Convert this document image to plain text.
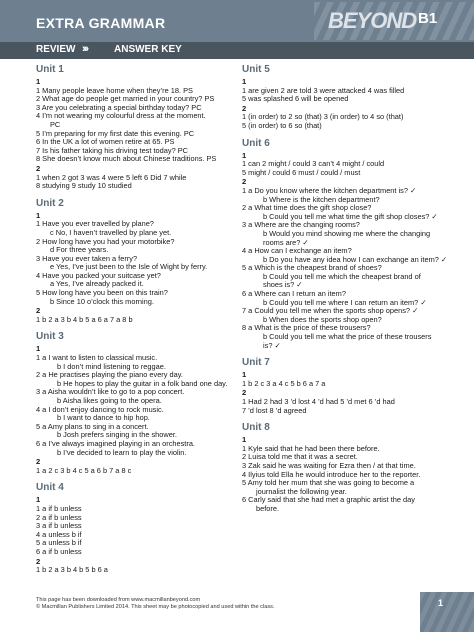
EXTRA GRAMMAR	BEYOND B1
REVIEW ›››	ANSWER KEY
Unit 1
1
1 Many people leave home when they’re 18. PS
2 What age do people get married in your country? PS
3 Are you celebrating a special birthday today? PC
4 I’m not wearing my colourful dress at the moment.
PC
5 I’m preparing for my first date this evening. PC
6 In the UK a lot of women retire at 65. PS
7 Is his father taking his driving test today? PC
8 She doesn’t know much about Chinese traditions. PS
2
1 when 2 got 3 was 4 were 5 left 6 Did 7 while
8 studying 9 study 10 studied
Unit 2
1
1 Have you ever travelled by plane?
c No, I haven’t travelled by plane yet.
2 How long have you had your motorbike?
d For three years.
3 Have you ever taken a ferry?
e Yes, I’ve just been to the Isle of Wight by ferry.
4 Have you packed your suitcase yet?
a Yes, I’ve already packed it.
5 How long have you been on this train?
b Since 10 o’clock this morning.
2
1 b 2 a 3 b 4 b 5 a 6 a 7 a 8 b
Unit 3
1
1 a I want to listen to classical music.
b I don’t mind listening to reggae.
2 a He practises playing the piano every day.
b He hopes to play the guitar in a folk band one day.
3 a Aisha wouldn’t like to go to a pop concert.
b Aisha likes going to the opera.
4 a I don’t enjoy dancing to rock music.
b I want to dance to hip hop.
5 a Amy plans to sing in a concert.
b Josh prefers singing in the shower.
6 a I’ve always imagined playing in an orchestra.
b I’ve decided to learn to play the violin.
2
1 a 2 c 3 b 4 c 5 a 6 b 7 a 8 c
Unit 4
1
1 a if b unless
2 a if b unless
3 a if b unless
4 a unless b if
5 a unless b if
6 a if b unless
2
1 b 2 a 3 b 4 b 5 b 6 a
Unit 5
1
1 are given 2 are told 3 were attacked 4 was filled
5 was splashed 6 will be opened
2
1 (in order) to 2 so (that) 3 (in order) to 4 so (that)
5 (in order) to 6 so (that)
Unit 6
1
1 can 2 might / could 3 can’t 4 might / could
5 might / could 6 must / could / must
2
1 a Do you know where the kitchen department is? ✓
b Where is the kitchen department?
2 a What time does the gift shop close?
b Could you tell me what time the gift shop closes? ✓
3 a Where are the changing rooms?
b Would you mind showing me where the changing
rooms are? ✓
4 a How can I exchange an item?
b Do you have any idea how I can exchange an item? ✓
5 a Which is the cheapest brand of shoes?
b Could you tell me which the cheapest brand of
shoes is? ✓
6 a Where can I return an item?
b Could you tell me where I can return an item? ✓
7 a Could you tell me when the sports shop opens? ✓
b When does the sports shop open?
8 a What is the price of these trousers?
b Could you tell me what the price of these trousers
is? ✓
Unit 7
1
1 b 2 c 3 a 4 c 5 b 6 a 7 a
2
1 Had 2 had 3 ’d lost 4 ’d had 5 ’d met 6 ’d had
7 ’d lost 8 ’d agreed
Unit 8
1
1 Kyle said that he had been there before.
2 Luisa told me that it was a secret.
3 Zak said he was waiting for Ezra then / at that time.
4 Ilyius told Ella he would introduce her to the reporter.
5 Amy told her mum that she was going to become a
journalist the following year.
6 Carly said that she had met a graphic artist the day
before.
This page has been downloaded from www.macmillanbeyond.com
© Macmillan Publishers Limited 2014. This sheet may be photocopied and used within the class.	1
